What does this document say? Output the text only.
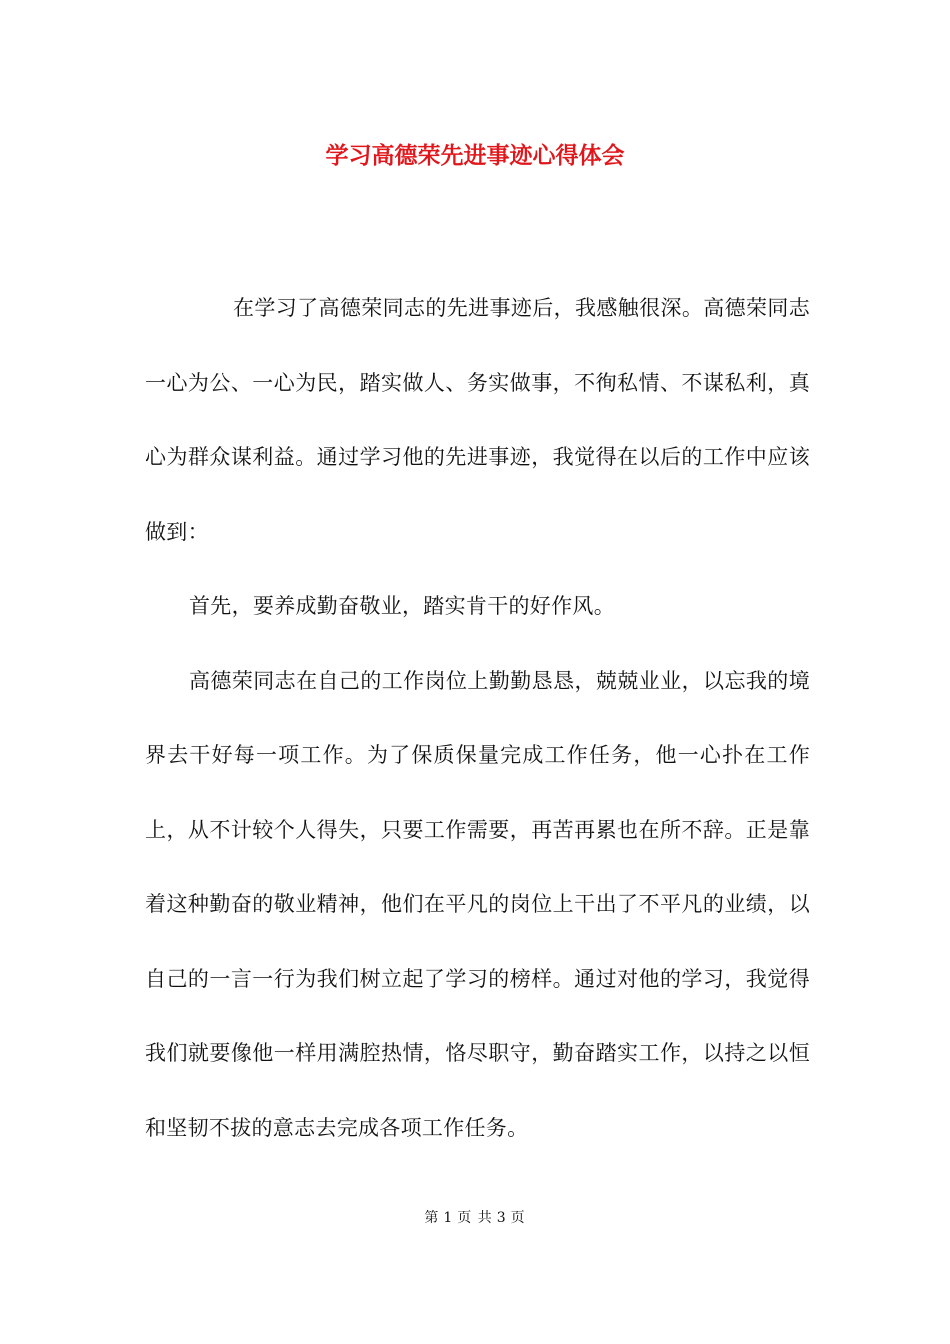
学习高德荣先进事迹心得体会

在学习了高德荣同志的先进事迹后，我感触很深。高德荣同志一心为公、一心为民，踏实做人、务实做事，不徇私情、不谋私利，真心为群众谋利益。通过学习他的先进事迹，我觉得在以后的工作中应该做到：

首先，要养成勤奋敬业，踏实肯干的好作风。

高德荣同志在自己的工作岗位上勤勤恳恳，兢兢业业，以忘我的境界去干好每一项工作。为了保质保量完成工作任务，他一心扑在工作上，从不计较个人得失，只要工作需要，再苦再累也在所不辞。正是靠着这种勤奋的敬业精神，他们在平凡的岗位上干出了不平凡的业绩，以自己的一言一行为我们树立起了学习的榜样。通过对他的学习，我觉得我们就要像他一样用满腔热情，恪尽职守，勤奋踏实工作，以持之以恒和坚韧不拔的意志去完成各项工作任务。

第 1 页 共 3 页
